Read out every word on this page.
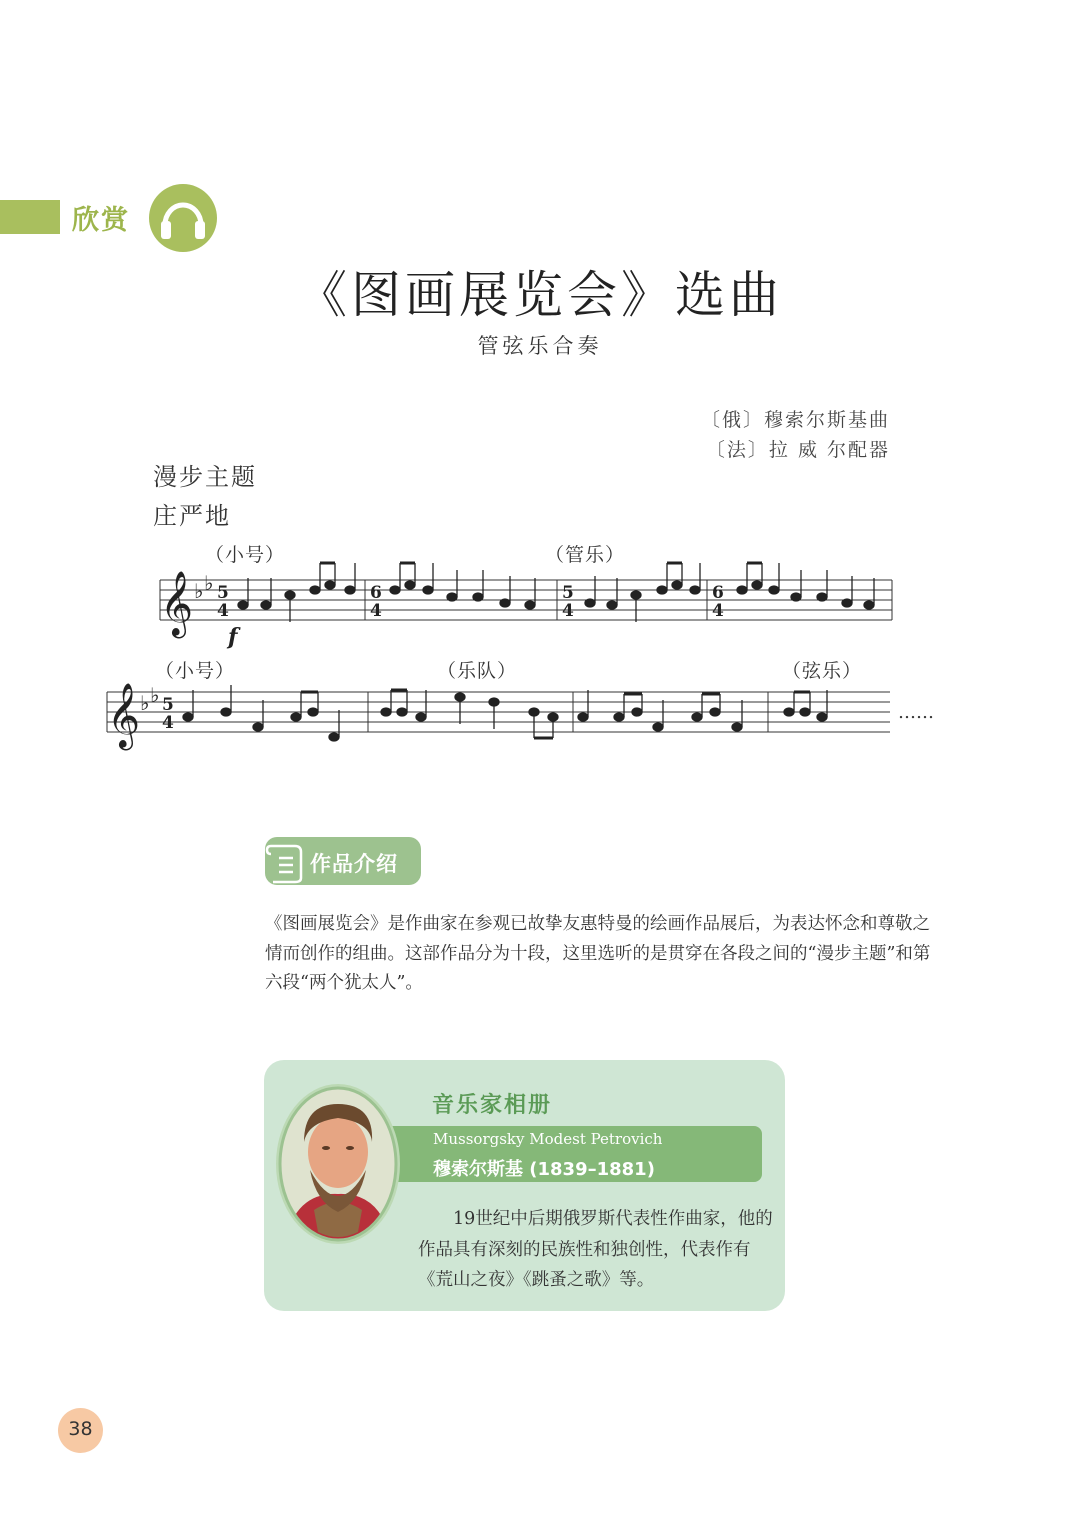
欣赏
《图画展览会》选曲
管弦乐合奏
〔俄〕穆索尔斯基曲
〔法〕拉 威 尔配器
漫步主题
庄严地
（小号）	（管乐）
（小号）	（乐队）	（弦乐）
𝄞 ♭ ♭ 5
4
6
4
5
4
6
4
f
𝄞 ♭ ♭ 5
4	……
作品介绍
《图画展览会》是作曲家在参观已故挚友惠特曼的绘画作品展后，为表达怀念和尊敬之情而创作的组曲。这部作品分为十段，这里选听的是贯穿在各段之间的“漫步主题”和第六段“两个犹太人”。
音乐家相册
Mussorgsky Modest Petrovich
穆索尔斯基 (1839–1881)
19世纪中后期俄罗斯代表性作曲家，他的作品具有深刻的民族性和独创性，代表作有《荒山之夜》《跳蚤之歌》等。
38
